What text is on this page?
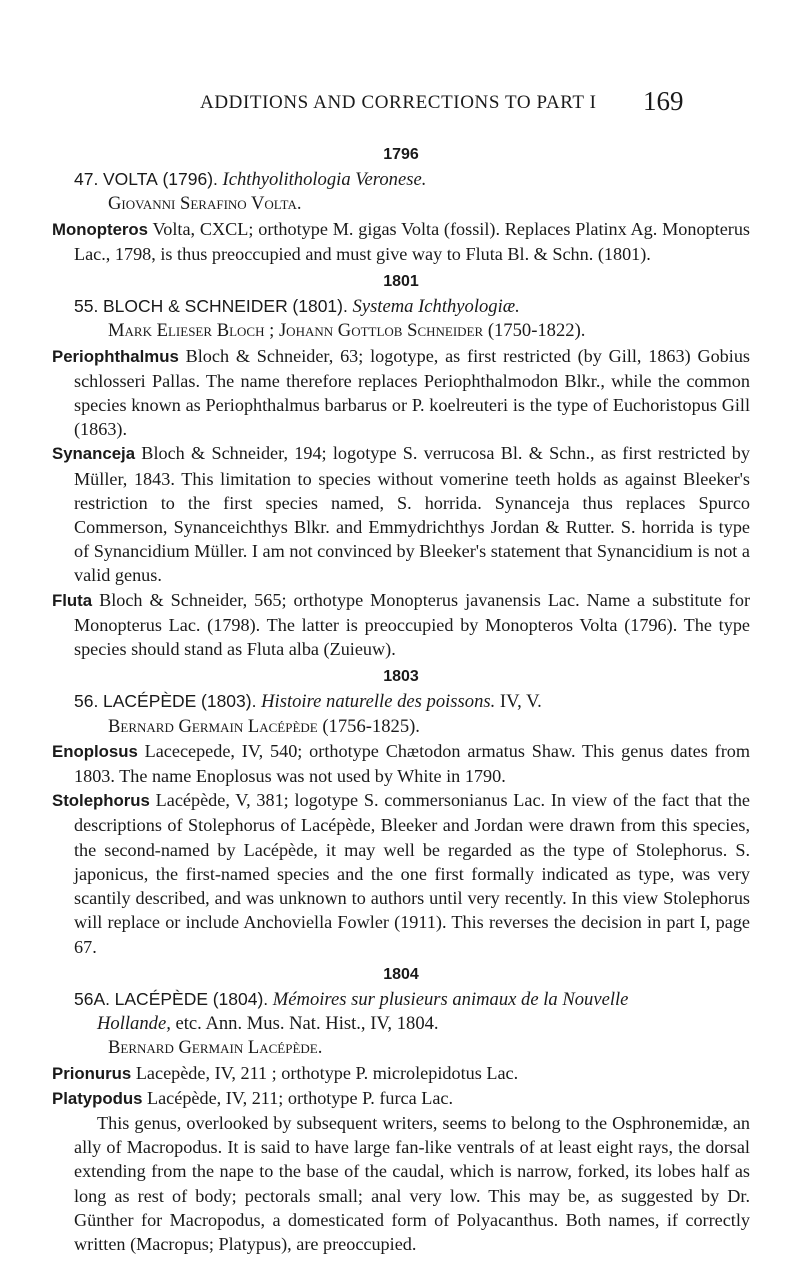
ADDITIONS AND CORRECTIONS TO PART I	169

1796

47. VOLTA (1796). Ichthyolithologia Veronese.

Giovanni Serafino Volta.

Monopteros Volta, CXCL; orthotype M. gigas Volta (fossil). Replaces Platinx Ag. Monopterus Lac., 1798, is thus preoccupied and must give way to Fluta Bl. & Schn. (1801).

1801

55. BLOCH & SCHNEIDER (1801). Systema Ichthyologiæ.

Mark Elieser Bloch ; Johann Gottlob Schneider (1750-1822).

Periophthalmus Bloch & Schneider, 63; logotype, as first restricted (by Gill, 1863) Gobius schlosseri Pallas. The name therefore replaces Periophthalmodon Blkr., while the common species known as Periophthalmus barbarus or P. koelreuteri is the type of Euchoristopus Gill (1863).

Synanceja Bloch & Schneider, 194; logotype S. verrucosa Bl. & Schn., as first restricted by Müller, 1843. This limitation to species without vomerine teeth holds as against Bleeker's restriction to the first species named, S. horrida. Synanceja thus replaces Spurco Commerson, Synanceichthys Blkr. and Emmydrichthys Jordan & Rutter. S. horrida is type of Synancidium Müller. I am not convinced by Bleeker's statement that Synancidium is not a valid genus.

Fluta Bloch & Schneider, 565; orthotype Monopterus javanensis Lac. Name a substitute for Monopterus Lac. (1798). The latter is preoccupied by Monopteros Volta (1796). The type species should stand as Fluta alba (Zuieuw).

1803

56. LACÉPÈDE (1803). Histoire naturelle des poissons. IV, V.

Bernard Germain Lacépède (1756-1825).

Enoplosus Lacecepede, IV, 540; orthotype Chætodon armatus Shaw. This genus dates from 1803. The name Enoplosus was not used by White in 1790.

Stolephorus Lacépède, V, 381; logotype S. commersonianus Lac. In view of the fact that the descriptions of Stolephorus of Lacépède, Bleeker and Jordan were drawn from this species, the second-named by Lacépède, it may well be regarded as the type of Stolephorus. S. japonicus, the first-named species and the one first formally indicated as type, was very scantily described, and was unknown to authors until very recently. In this view Stolephorus will replace or include Anchoviella Fowler (1911). This reverses the decision in part I, page 67.

1804

56A. LACÉPÈDE (1804). Mémoires sur plusieurs animaux de la Nouvelle

Hollande, etc. Ann. Mus. Nat. Hist., IV, 1804.

Bernard Germain Lacépède.

Prionurus Lacepède, IV, 211 ; orthotype P. microlepidotus Lac.

Platypodus Lacépède, IV, 211; orthotype P. furca Lac.

This genus, overlooked by subsequent writers, seems to belong to the Osphronemidæ, an ally of Macropodus. It is said to have large fan-like ventrals of at least eight rays, the dorsal extending from the nape to the base of the caudal, which is narrow, forked, its lobes half as long as rest of body; pectorals small; anal very low. This may be, as suggested by Dr. Günther for Macropodus, a domesticated form of Polyacanthus. Both names, if correctly written (Macropus; Platypus), are preoccupied.
